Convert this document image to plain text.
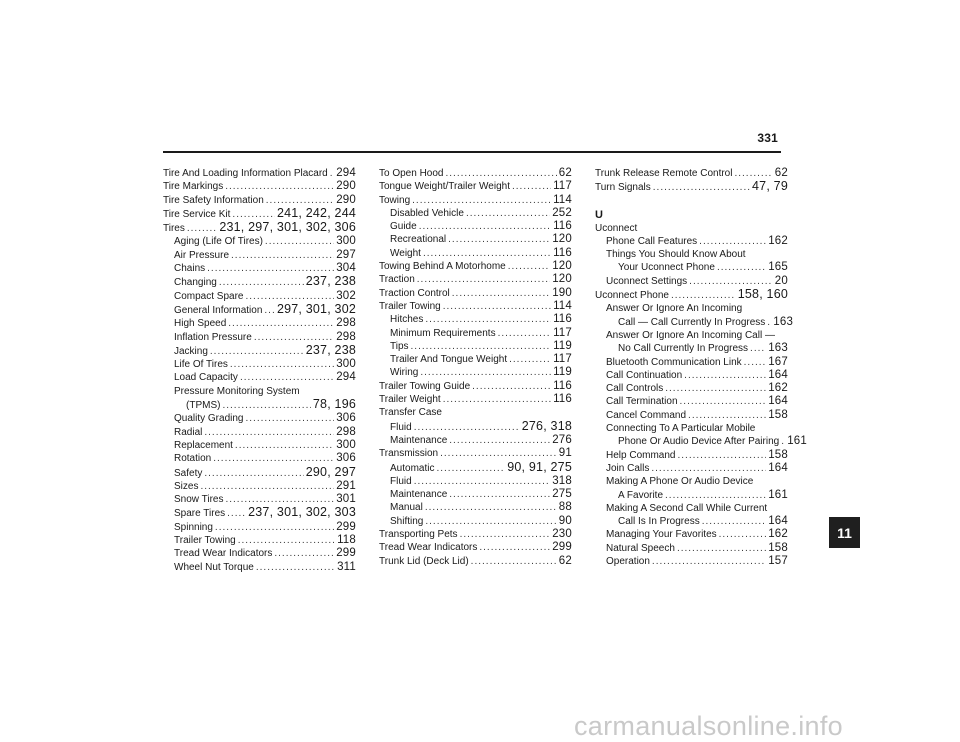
331
Tire And Loading Information Placard ..... 294
Tire Markings .....	290
Tire Safety Information .....	290
Tire Service Kit .....	241, 242, 244
Tires .....	231, 297, 301, 302, 306
Aging (Life Of Tires) .....	300
Air Pressure .....	297
Chains .....	304
Changing .....	237, 238
Compact Spare .....	302
General Information ..... 297, 301, 302
High Speed .....	298
Inflation Pressure .....	298
Jacking .....	237, 238
Life Of Tires .....	300
Load Capacity .....	294
Pressure Monitoring System
(TPMS) .....	78, 196
Quality Grading .....	306
Radial .....	298
Replacement .....	300
Rotation .....	306
Safety .....	290, 297
Sizes .....	291
Snow Tires .....	301
Spare Tires ..... 237, 301, 302, 303
Spinning .....	299
Trailer Towing .....	118
Tread Wear Indicators .....	299
Wheel Nut Torque .....	311
To Open Hood .....	62
Tongue Weight/Trailer Weight .....	117
Towing .....	114
Disabled Vehicle .....	252
Guide .....	116
Recreational .....	120
Weight .....	116
Towing Behind A Motorhome .....	120
Traction .....	120
Traction Control .....	190
Trailer Towing .....	114
Hitches .....	116
Minimum Requirements .....	117
Tips .....	119
Trailer And Tongue Weight .....	117
Wiring .....	119
Trailer Towing Guide .....	116
Trailer Weight .....	116
Transfer Case
Fluid .....	276, 318
Maintenance .....	276
Transmission .....	91
Automatic .....	90, 91, 275
Fluid .....	318
Maintenance .....	275
Manual .....	88
Shifting .....	90
Transporting Pets .....	230
Tread Wear Indicators .....	299
Trunk Lid (Deck Lid) .....	62
Trunk Release Remote Control .....	62
Turn Signals .....	47, 79
U
Uconnect
Phone Call Features .....	162
Things You Should Know About
Your Uconnect Phone .....	165
Uconnect Settings .....	20
Uconnect Phone .....	158, 160
Answer Or Ignore An Incoming
Call — Call Currently In Progress ..... 163
Answer Or Ignore An Incoming Call —
No Call Currently In Progress ..... 163
Bluetooth Communication Link ..... 167
Call Continuation .....	164
Call Controls .....	162
Call Termination .....	164
Cancel Command .....	158
Connecting To A Particular Mobile
Phone Or Audio Device After Pairing ..... 161
Help Command .....	158
Join Calls .....	164
Making A Phone Or Audio Device
A Favorite .....	161
Making A Second Call While Current
Call Is In Progress .....	164
Managing Your Favorites .....	162
Natural Speech .....	158
Operation .....	157
11
carmanualsonline.info
